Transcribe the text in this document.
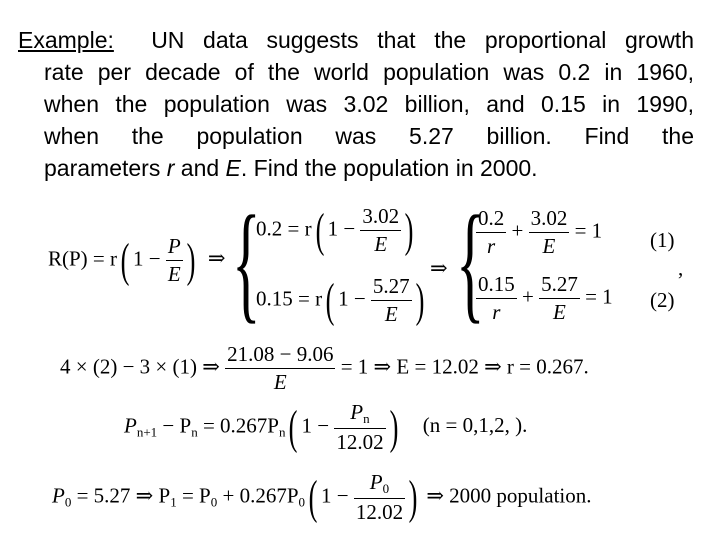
Example: UN data suggests that the proportional growth
rate per decade of the world population was 0.2 in 1960,
when the population was 3.02 billion, and 0.15 in 1990,
when the population was 5.27 billion. Find the
parameters r and E. Find the population in 2000.
R(P) = r( $1 - \frac{P}{E}$ ) ⇒ {
0.2 = r( $1 - \frac{3.02}{E}$ )
0.15 = r( $1 - \frac{5.27}{E}$ )
⇒ {
$\frac{0.2}{r} + \frac{3.02}{E} = 1$ (1)
$\frac{0.15}{r} + \frac{5.27}{E} = 1$ (2)
,
4 × (2) − 3 × (1) ⇒ $\frac{21.08 - 9.06}{E} = 1$ ⇒ E = 12.02 ⇒ r = 0.267.
$P_{n+1} - P_n = 0.267P_n$( $1 - \frac{P_n}{12.02}$ ) (n = 0,1,2, ).
$P_0 = 5.27$ ⇒ $P_1 = P_0 + 0.267P_0$( $1 - \frac{P_0}{12.02}$ ) ⇒ 2000 population.
